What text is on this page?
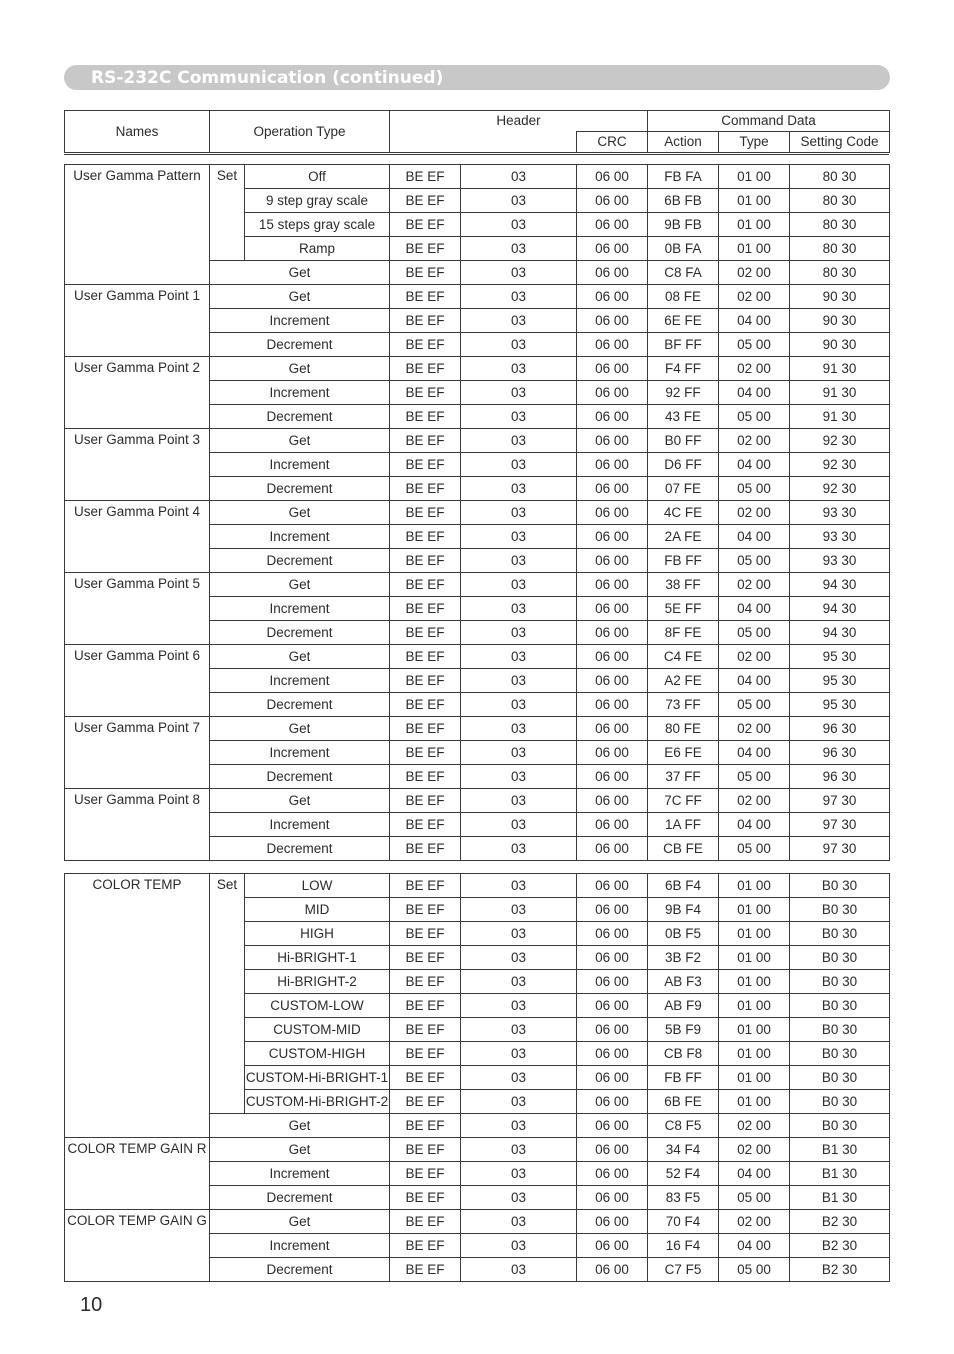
RS-232C Communication (continued)
Names	Operation Type	Header		Command Data		
			CRC	Action	Type	Setting Code
User Gamma Pattern	Set	Off	BE EF	03	06 00	FB FA	01 00	80 30	
		9 step gray scale	BE EF	03	06 00	6B FB	01 00	80 30	
		15 steps gray scale	BE EF	03	06 00	9B FB	01 00	80 30	
		Ramp	BE EF	03	06 00	0B FA	01 00	80 30	
	Get		BE EF	03	06 00	C8 FA	02 00	80 30	
User Gamma Point 1	Get		BE EF	03	06 00	08 FE	02 00	90 30	
	Increment		BE EF	03	06 00	6E FE	04 00	90 30	
	Decrement		BE EF	03	06 00	BF FF	05 00	90 30	
User Gamma Point 2	Get		BE EF	03	06 00	F4 FF	02 00	91 30	
	Increment		BE EF	03	06 00	92 FF	04 00	91 30	
	Decrement		BE EF	03	06 00	43 FE	05 00	91 30	
User Gamma Point 3	Get		BE EF	03	06 00	B0 FF	02 00	92 30	
	Increment		BE EF	03	06 00	D6 FF	04 00	92 30	
	Decrement		BE EF	03	06 00	07 FE	05 00	92 30	
User Gamma Point 4	Get		BE EF	03	06 00	4C FE	02 00	93 30	
	Increment		BE EF	03	06 00	2A FE	04 00	93 30	
	Decrement		BE EF	03	06 00	FB FF	05 00	93 30	
User Gamma Point 5	Get		BE EF	03	06 00	38 FF	02 00	94 30	
	Increment		BE EF	03	06 00	5E FF	04 00	94 30	
	Decrement		BE EF	03	06 00	8F FE	05 00	94 30	
User Gamma Point 6	Get		BE EF	03	06 00	C4 FE	02 00	95 30	
	Increment		BE EF	03	06 00	A2 FE	04 00	95 30	
	Decrement		BE EF	03	06 00	73 FF	05 00	95 30	
User Gamma Point 7	Get		BE EF	03	06 00	80 FE	02 00	96 30	
	Increment		BE EF	03	06 00	E6 FE	04 00	96 30	
	Decrement		BE EF	03	06 00	37 FF	05 00	96 30	
User Gamma Point 8	Get		BE EF	03	06 00	7C FF	02 00	97 30	
	Increment		BE EF	03	06 00	1A FF	04 00	97 30	
	Decrement		BE EF	03	06 00	CB FE	05 00	97 30	
COLOR TEMP	Set	LOW	BE EF	03	06 00	6B F4	01 00	B0 30	
		MID	BE EF	03	06 00	9B F4	01 00	B0 30	
		HIGH	BE EF	03	06 00	0B F5	01 00	B0 30	
		Hi-BRIGHT-1	BE EF	03	06 00	3B F2	01 00	B0 30	
		Hi-BRIGHT-2	BE EF	03	06 00	AB F3	01 00	B0 30	
		CUSTOM-LOW	BE EF	03	06 00	AB F9	01 00	B0 30	
		CUSTOM-MID	BE EF	03	06 00	5B F9	01 00	B0 30	
		CUSTOM-HIGH	BE EF	03	06 00	CB F8	01 00	B0 30	
		CUSTOM-Hi-BRIGHT-1	BE EF	03	06 00	FB FF	01 00	B0 30	
		CUSTOM-Hi-BRIGHT-2	BE EF	03	06 00	6B FE	01 00	B0 30	
	Get		BE EF	03	06 00	C8 F5	02 00	B0 30	
COLOR TEMP GAIN R	Get		BE EF	03	06 00	34 F4	02 00	B1 30	
	Increment		BE EF	03	06 00	52 F4	04 00	B1 30	
	Decrement		BE EF	03	06 00	83 F5	05 00	B1 30	
COLOR TEMP GAIN G	Get		BE EF	03	06 00	70 F4	02 00	B2 30	
	Increment		BE EF	03	06 00	16 F4	04 00	B2 30	
	Decrement		BE EF	03	06 00	C7 F5	05 00	B2 30	
10
